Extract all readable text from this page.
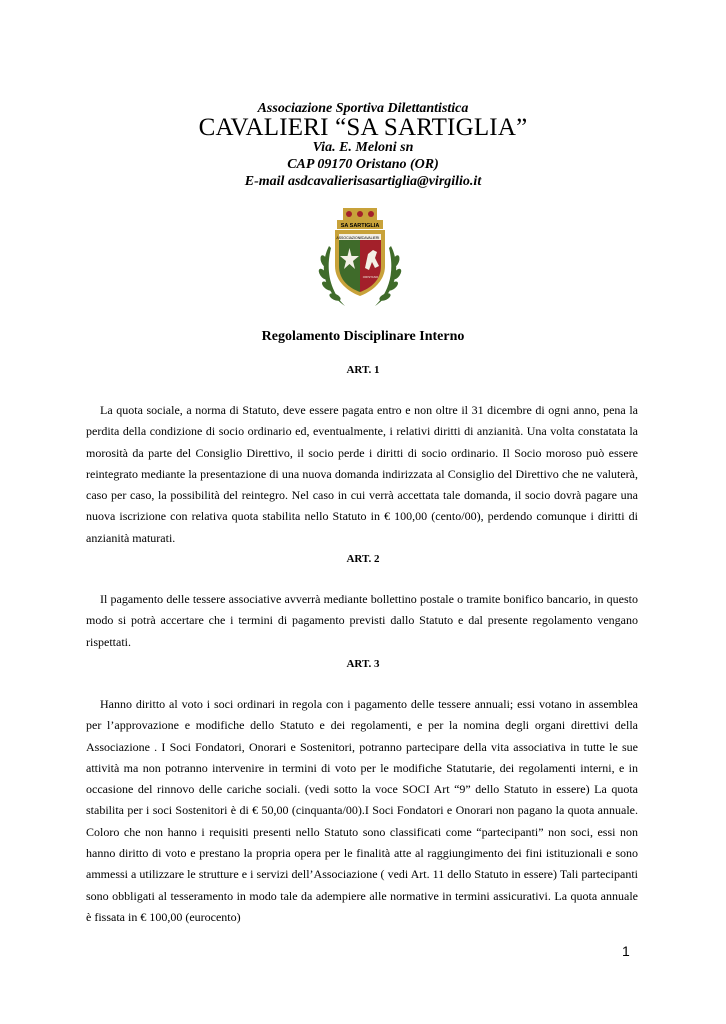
Associazione Sportiva Dilettantistica
CAVALIERI “SA SARTIGLIA”
Via. E. Meloni sn
CAP 09170 Oristano (OR)
E-mail asdcavalierisasartiglia@virgilio.it
SA SARTIGLIA
ASSOCIAZIONE
CAVALIERI
ORISTANO
Regolamento Disciplinare Interno
ART. 1
La quota sociale, a norma di Statuto, deve essere pagata entro e non oltre il 31 dicembre di ogni anno, pena la perdita della condizione di socio ordinario ed, eventualmente, i relativi diritti di anzianità. Una volta constatata la morosità da parte del Consiglio Direttivo, il socio perde i diritti di socio ordinario. Il Socio moroso può essere reintegrato mediante la presentazione di una nuova domanda indirizzata al Consiglio del Direttivo che ne valuterà, caso per caso, la possibilità del reintegro. Nel caso in cui verrà accettata tale domanda, il socio dovrà pagare una nuova iscrizione con relativa quota stabilita nello Statuto in € 100,00 (cento/00), perdendo comunque i diritti di anzianità maturati.
ART. 2
Il pagamento delle tessere associative avverrà mediante bollettino postale o tramite bonifico bancario, in questo modo si potrà accertare che i termini di pagamento previsti dallo Statuto e dal presente regolamento vengano rispettati.
ART. 3
Hanno diritto al voto i soci ordinari in regola con i pagamento delle tessere annuali; essi votano in assemblea per l’approvazione e modifiche dello Statuto e dei regolamenti, e per la nomina degli organi direttivi della Associazione . I Soci Fondatori, Onorari e Sostenitori, potranno partecipare della vita associativa in tutte le sue attività ma non potranno intervenire in termini di voto per le modifiche Statutarie, dei regolamenti interni, e in occasione del rinnovo delle cariche sociali. (vedi sotto la voce SOCI Art “9” dello Statuto in essere) La quota stabilita per i soci Sostenitori è di € 50,00 (cinquanta/00).I Soci Fondatori e Onorari non pagano la quota annuale. Coloro che non hanno i requisiti presenti nello Statuto sono classificati come “partecipanti” non soci, essi non hanno diritto di voto e prestano la propria opera per le finalità atte al raggiungimento dei fini istituzionali e sono ammessi a utilizzare le strutture e i servizi dell’Associazione ( vedi Art. 11 dello Statuto in essere) Tali partecipanti sono obbligati al tesseramento in modo tale da adempiere alle normative in termini assicurativi. La quota annuale è fissata in € 100,00 (eurocento)
1
